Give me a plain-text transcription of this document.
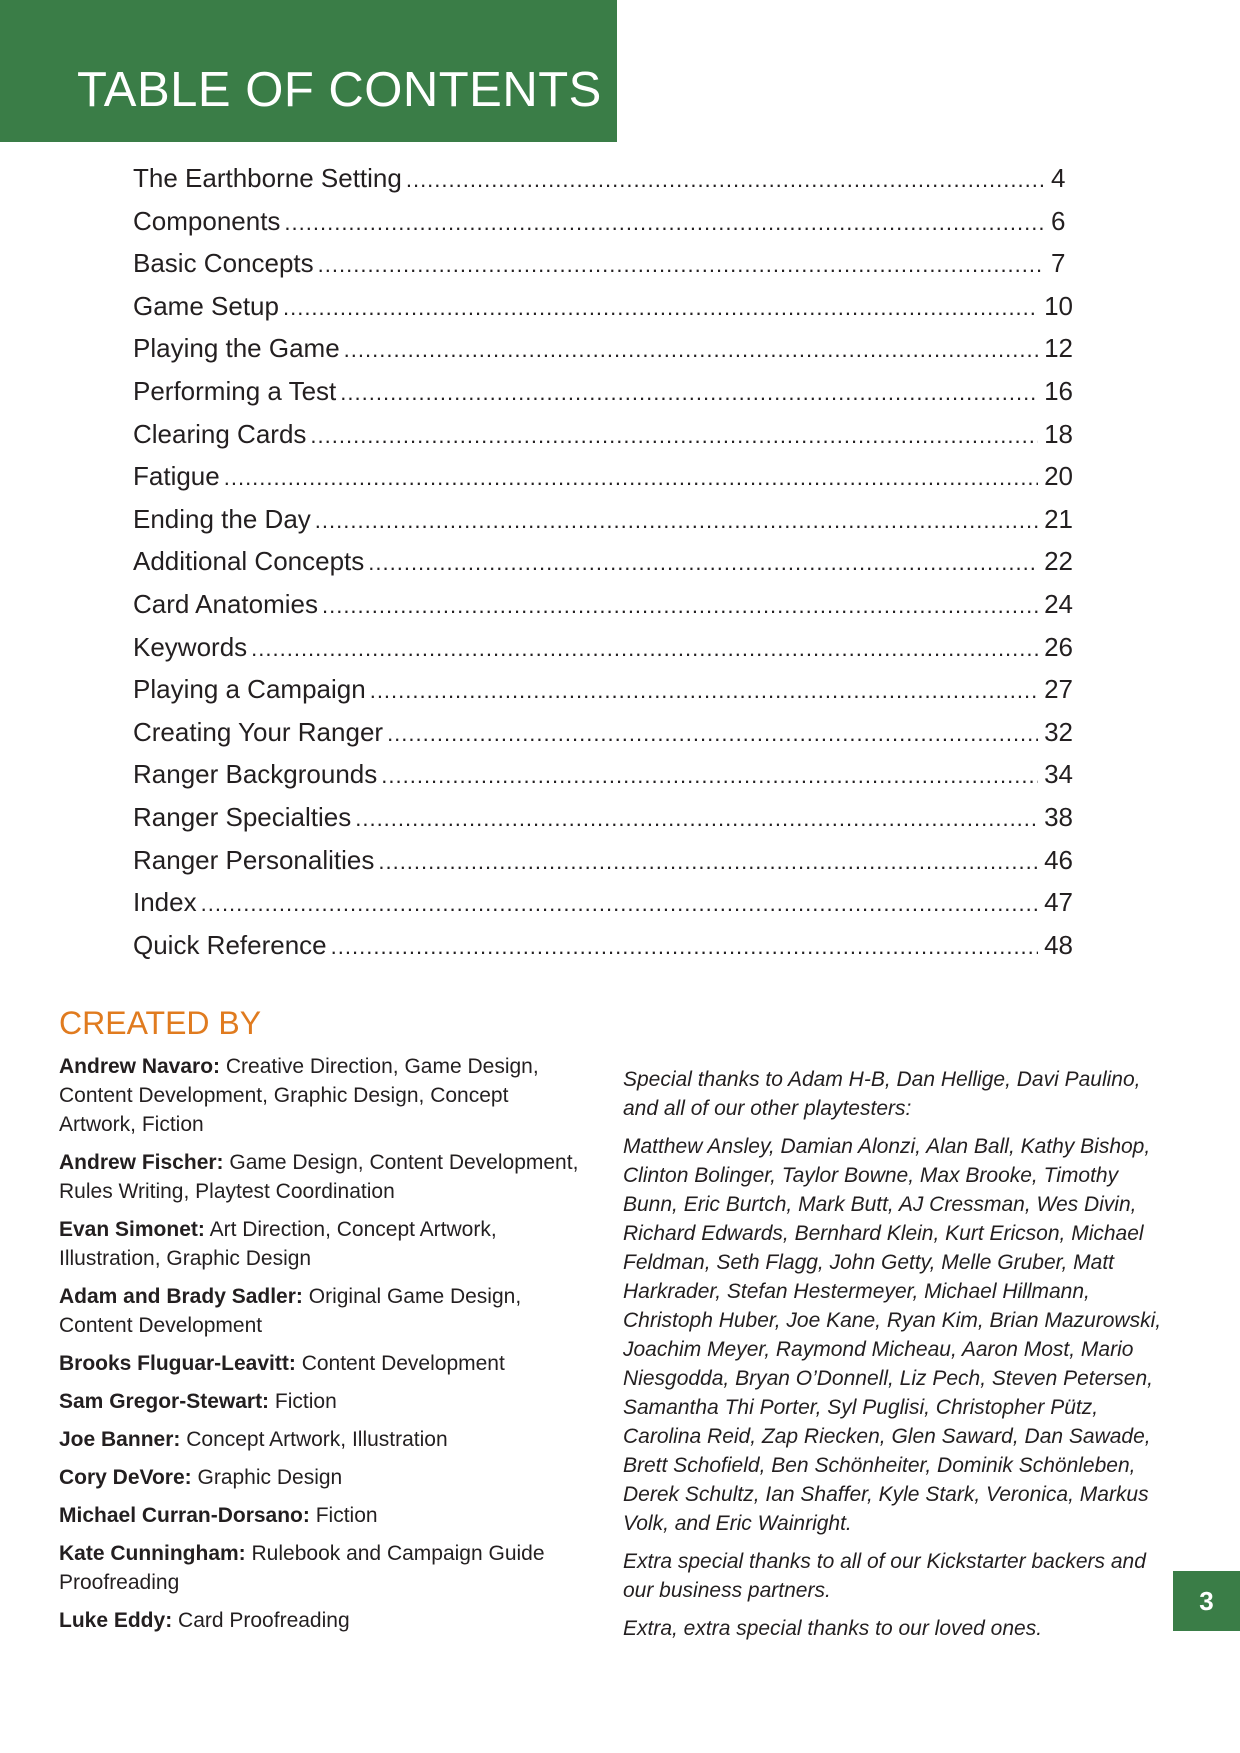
TABLE OF CONTENTS
The Earthborne Setting .....	4
Components .....	6
Basic Concepts .....	7
Game Setup .....	10
Playing the Game .....	12
Performing a Test .....	16
Clearing Cards .....	18
Fatigue .....	20
Ending the Day .....	21
Additional Concepts .....	22
Card Anatomies .....	24
Keywords .....	26
Playing a Campaign .....	27
Creating Your Ranger .....	32
Ranger Backgrounds .....	34
Ranger Specialties .....	38
Ranger Personalities .....	46
Index .....	47
Quick Reference .....	48
CREATED BY

Andrew Navaro: Creative Direction, Game Design, Content Development, Graphic Design, Concept Artwork, Fiction

Andrew Fischer: Game Design, Content Development, Rules Writing, Playtest Coordination

Evan Simonet: Art Direction, Concept Artwork, Illustration, Graphic Design

Adam and Brady Sadler: Original Game Design, Content Development

Brooks Fluguar-Leavitt: Content Development

Sam Gregor-Stewart: Fiction

Joe Banner: Concept Artwork, Illustration

Cory DeVore: Graphic Design

Michael Curran-Dorsano: Fiction

Kate Cunningham: Rulebook and Campaign Guide Proofreading

Luke Eddy: Card Proofreading

Special thanks to Adam H-B, Dan Hellige, Davi Paulino, and all of our other playtesters:

Matthew Ansley, Damian Alonzi, Alan Ball, Kathy Bishop, Clinton Bolinger, Taylor Bowne, Max Brooke, Timothy Bunn, Eric Burtch, Mark Butt, AJ Cressman, Wes Divin, Richard Edwards, Bernhard Klein, Kurt Ericson, Michael Feldman, Seth Flagg, John Getty, Melle Gruber, Matt Harkrader, Stefan Hestermeyer, Michael Hillmann, Christoph Huber, Joe Kane, Ryan Kim, Brian Mazurowski, Joachim Meyer, Raymond Micheau, Aaron Most, Mario Niesgodda, Bryan O’Donnell, Liz Pech, Steven Petersen, Samantha Thi Porter, Syl Puglisi, Christopher Pütz, Carolina Reid, Zap Riecken, Glen Saward, Dan Sawade, Brett Schofield, Ben Schönheiter, Dominik Schönleben, Derek Schultz, Ian Shaffer, Kyle Stark, Veronica, Markus Volk, and Eric Wainright.

Extra special thanks to all of our Kickstarter backers and our business partners.

Extra, extra special thanks to our loved ones.

3
